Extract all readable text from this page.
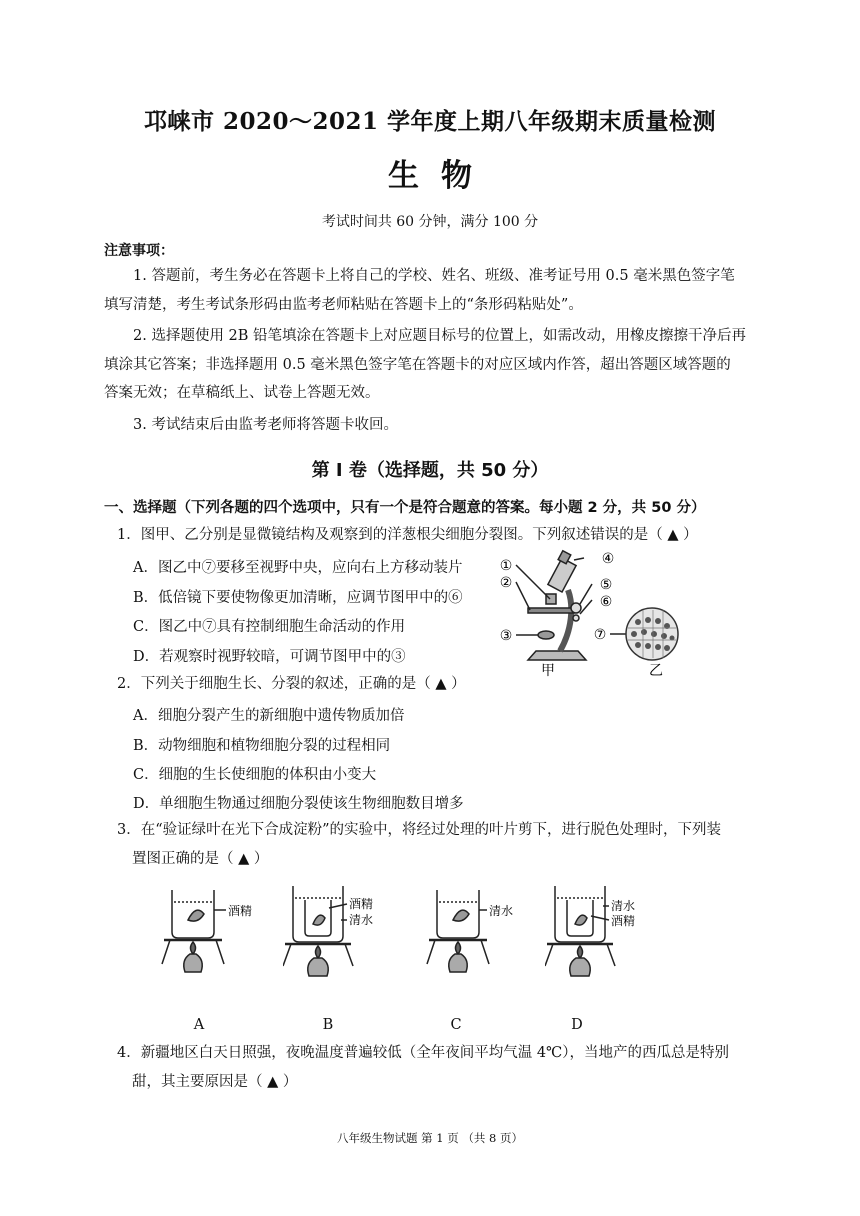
邛崃市 2020～2021 学年度上期八年级期末质量检测
生物
考试时间共 60 分钟，满分 100 分
注意事项：
1. 答题前，考生务必在答题卡上将自己的学校、姓名、班级、准考证号用 0.5 毫米黑色签字笔
填写清楚，考生考试条形码由监考老师粘贴在答题卡上的“条形码粘贴处”。
2. 选择题使用 2B 铅笔填涂在答题卡上对应题目标号的位置上，如需改动，用橡皮擦擦干净后再
填涂其它答案；非选择题用 0.5 毫米黑色签字笔在答题卡的对应区域内作答，超出答题区域答题的
答案无效；在草稿纸上、试卷上答题无效。
3. 考试结束后由监考老师将答题卡收回。
第 I 卷（选择题，共 50 分）
一、选择题（下列各题的四个选项中，只有一个是符合题意的答案。每小题 2 分，共 50 分）
1．图甲、乙分别是显微镜结构及观察到的洋葱根尖细胞分裂图。下列叙述错误的是（ ▲ ）
A．图乙中⑦要移至视野中央，应向右上方移动装片
B．低倍镜下要使物像更加清晰，应调节图甲中的⑥
C．图乙中⑦具有控制细胞生命活动的作用
D．若观察时视野较暗，可调节图甲中的③
①
②
③
④
⑤
⑥
⑦
甲	乙
2．下列关于细胞生长、分裂的叙述，正确的是（ ▲ ）
A．细胞分裂产生的新细胞中遗传物质加倍
B．动物细胞和植物细胞分裂的过程相同
C．细胞的生长使细胞的体积由小变大
D．单细胞生物通过细胞分裂使该生物细胞数目增多
3．在“验证绿叶在光下合成淀粉”的实验中，将经过处理的叶片剪下，进行脱色处理时，下列装
置图正确的是（ ▲ ）
酒精	酒精
清水
清水	清水
酒精
A	B	C	D
4．新疆地区白天日照强，夜晚温度普遍较低（全年夜间平均气温 4℃），当地产的西瓜总是特别
甜，其主要原因是（ ▲ ）
八年级生物试题 第 1 页 （共 8 页）
